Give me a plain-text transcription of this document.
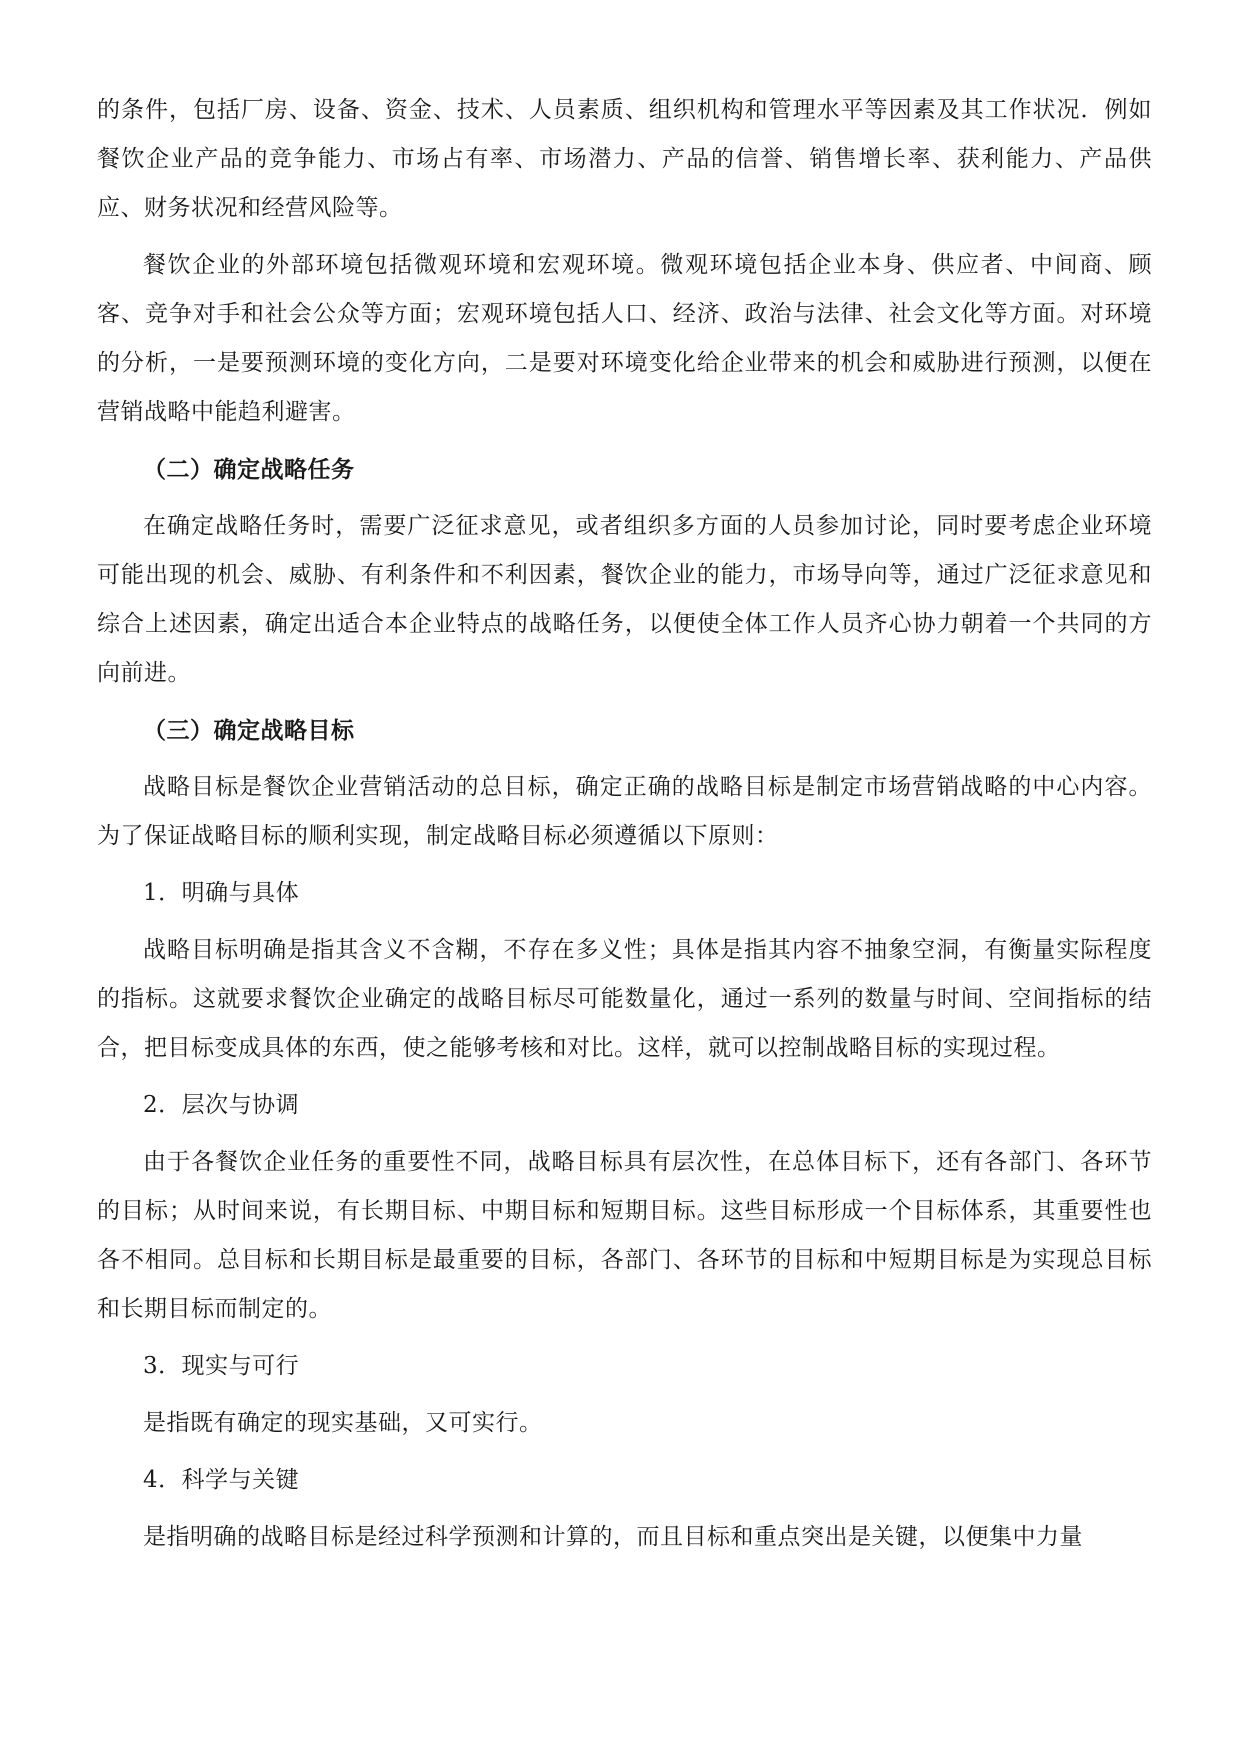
的条件，包括厂房、设备、资金、技术、人员素质、组织机构和管理水平等因素及其工作状况．例如餐饮企业产品的竞争能力、市场占有率、市场潜力、产品的信誉、销售增长率、获利能力、产品供应、财务状况和经营风险等。

餐饮企业的外部环境包括微观环境和宏观环境。微观环境包括企业本身、供应者、中间商、顾客、竞争对手和社会公众等方面；宏观环境包括人口、经济、政治与法律、社会文化等方面。对环境的分析，一是要预测环境的变化方向，二是要对环境变化给企业带来的机会和威胁进行预测，以便在营销战略中能趋利避害。

（二）确定战略任务

在确定战略任务时，需要广泛征求意见，或者组织多方面的人员参加讨论，同时要考虑企业环境可能出现的机会、威胁、有利条件和不利因素，餐饮企业的能力，市场导向等，通过广泛征求意见和综合上述因素，确定出适合本企业特点的战略任务，以便使全体工作人员齐心协力朝着一个共同的方向前进。

（三）确定战略目标

战略目标是餐饮企业营销活动的总目标，确定正确的战略目标是制定市场营销战略的中心内容。为了保证战略目标的顺利实现，制定战略目标必须遵循以下原则：

1．明确与具体

战略目标明确是指其含义不含糊，不存在多义性；具体是指其内容不抽象空洞，有衡量实际程度的指标。这就要求餐饮企业确定的战略目标尽可能数量化，通过一系列的数量与时间、空间指标的结合，把目标变成具体的东西，使之能够考核和对比。这样，就可以控制战略目标的实现过程。

2．层次与协调

由于各餐饮企业任务的重要性不同，战略目标具有层次性，在总体目标下，还有各部门、各环节的目标；从时间来说，有长期目标、中期目标和短期目标。这些目标形成一个目标体系，其重要性也各不相同。总目标和长期目标是最重要的目标，各部门、各环节的目标和中短期目标是为实现总目标和长期目标而制定的。

3．现实与可行

是指既有确定的现实基础，又可实行。

4．科学与关键

是指明确的战略目标是经过科学预测和计算的，而且目标和重点突出是关键，以便集中力量
